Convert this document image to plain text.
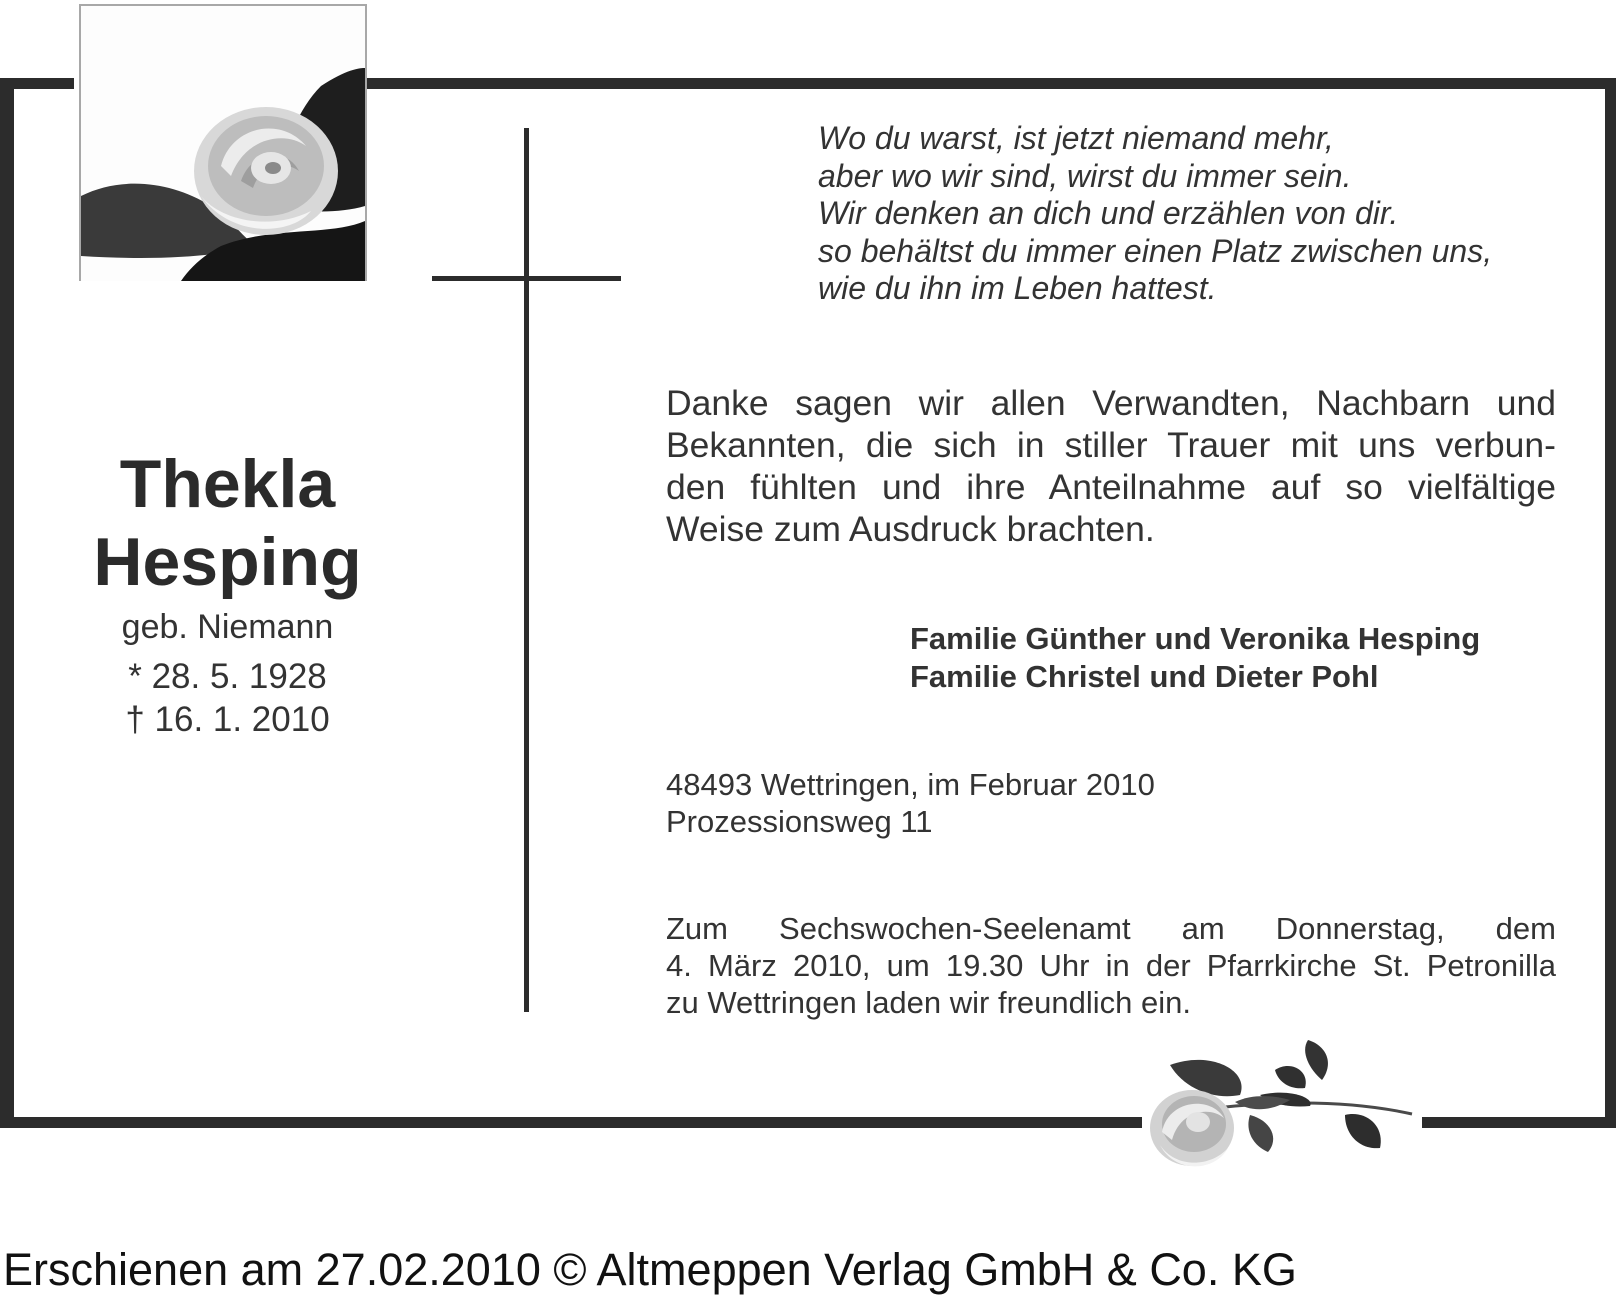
Wo du warst, ist jetzt niemand mehr,
aber wo wir sind, wirst du immer sein.
Wir denken an dich und erzählen von dir.
so behältst du immer einen Platz zwischen uns,
wie du ihn im Leben hattest.
Thekla
Hesping
geb. Niemann
* 28. 5. 1928
† 16. 1. 2010
Danke sagen wir allen Verwandten, Nachbarn und
Bekannten, die sich in stiller Trauer mit uns verbun-
den fühlten und ihre Anteilnahme auf so vielfältige
Weise zum Ausdruck brachten.
Familie Günther und Veronika Hesping
Familie Christel und Dieter Pohl
48493 Wettringen, im Februar 2010
Prozessionsweg 11
Zum Sechswochen-Seelenamt am Donnerstag, dem
4. März 2010, um 19.30 Uhr in der Pfarrkirche St. Petronilla
zu Wettringen laden wir freundlich ein.
Erschienen am 27.02.2010 © Altmeppen Verlag GmbH & Co. KG
